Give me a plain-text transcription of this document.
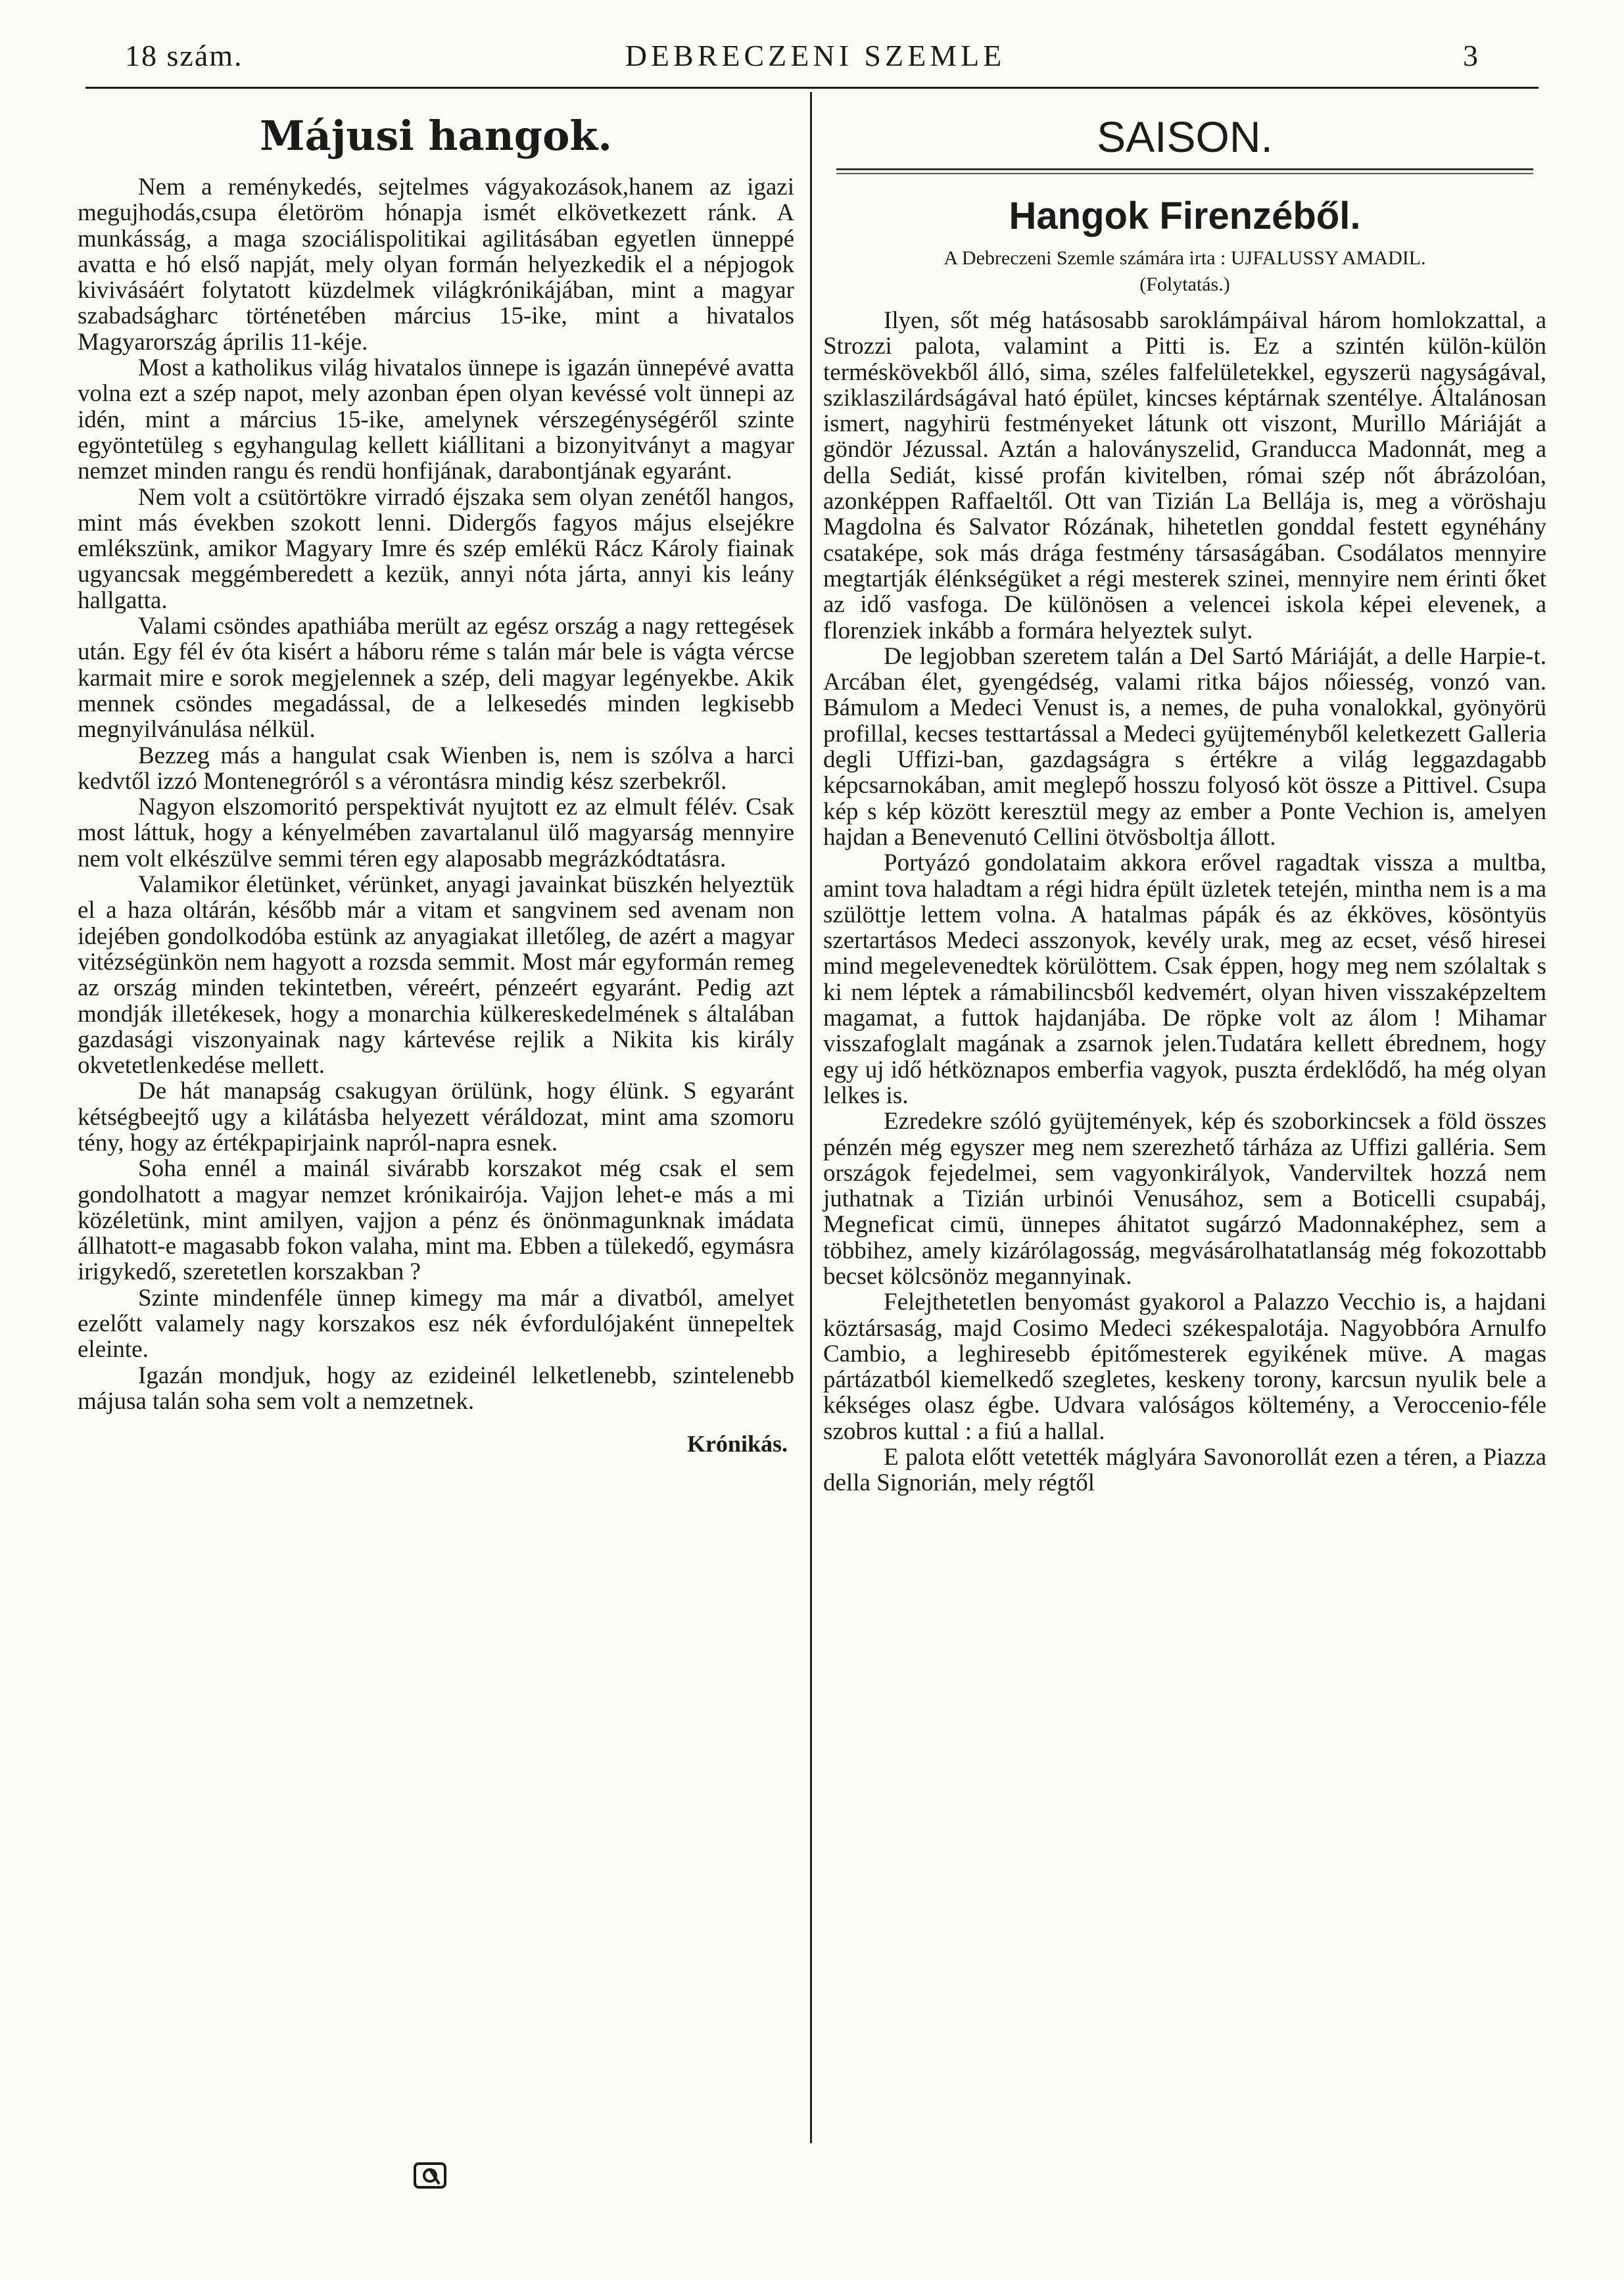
18 szám.	DEBRECZENI SZEMLE	3
Májusi hangok.

Nem a reménykedés, sejtelmes vágyakozások,hanem az igazi megujhodás,csupa életöröm hónapja ismét elkövetkezett ránk. A munkásság, a maga szociálispolitikai agilitásában egyetlen ünneppé avatta e hó első napját, mely olyan formán helyezkedik el a népjogok kivivásáért folytatott küzdelmek világkrónikájában, mint a magyar szabadságharc történetében március 15-ike, mint a hivatalos Magyarország április 11-kéje.

Most a katholikus világ hivatalos ünnepe is igazán ünnepévé avatta volna ezt a szép napot, mely azonban épen olyan kevéssé volt ünnepi az idén, mint a március 15-ike, amelynek vérszegénységéről szinte egyöntetüleg s egyhangulag kellett kiállitani a bizonyitványt a magyar nemzet minden rangu és rendü honfijának, darabontjának egyaránt.

Nem volt a csütörtökre virradó éjszaka sem olyan zenétől hangos, mint más években szokott lenni. Didergős fagyos május elsejékre emlékszünk, amikor Magyary Imre és szép emlékü Rácz Károly fiainak ugyancsak meggémberedett a kezük, annyi nóta járta, annyi kis leány hallgatta.

Valami csöndes apathiába merült az egész ország a nagy rettegések után. Egy fél év óta kisért a háboru réme s talán már bele is vágta vércse karmait mire e sorok megjelennek a szép, deli magyar legényekbe. Akik mennek csöndes megadással, de a lelkesedés minden legkisebb megnyilvánulása nélkül.

Bezzeg más a hangulat csak Wienben is, nem is szólva a harci kedvtől izzó Montenegróról s a vérontásra mindig kész szerbekről.

Nagyon elszomoritó perspektivát nyujtott ez az elmult félév. Csak most láttuk, hogy a kényelmében zavartalanul ülő magyarság mennyire nem volt elkészülve semmi téren egy alaposabb megrázkódtatásra.

Valamikor életünket, vérünket, anyagi javainkat büszkén helyeztük el a haza oltárán, később már a vitam et sangvinem sed avenam non idejében gondolkodóba estünk az anyagiakat illetőleg, de azért a magyar vitézségünkön nem hagyott a rozsda semmit. Most már egyformán remeg az ország minden tekintetben, véreért, pénzeért egyaránt. Pedig azt mondják illetékesek, hogy a monarchia külkereskedelmének s általában gazdasági viszonyainak nagy kártevése rejlik a Nikita kis király okvetetlenkedése mellett.

De hát manapság csakugyan örülünk, hogy élünk. S egyaránt kétségbeejtő ugy a kilátásba helyezett véráldozat, mint ama szomoru tény, hogy az értékpapirjaink napról-napra esnek.

Soha ennél a mainál sivárabb korszakot még csak el sem gondolhatott a magyar nemzet krónikairója. Vajjon lehet-e más a mi közéletünk, mint amilyen, vajjon a pénz és önönmagunknak imádata állhatott-e magasabb fokon valaha, mint ma. Ebben a tülekedő, egymásra irigykedő, szeretetlen korszakban ?

Szinte mindenféle ünnep kimegy ma már a divatból, amelyet ezelőtt valamely nagy korszakos esz nék évfordulójaként ünnepeltek eleinte.

Igazán mondjuk, hogy az ezideinél lelketlenebb, szintelenebb májusa talán soha sem volt a nemzetnek.

Krónikás.
SAISON.
Hangok Firenzéből.
A Debreczeni Szemle számára irta : UJFALUSSY AMADIL.
(Folytatás.)

Ilyen, sőt még hatásosabb saroklámpáival három homlokzattal, a Strozzi palota, valamint a Pitti is. Ez a szintén külön-külön terméskövekből álló, sima, széles falfelületekkel, egyszerü nagyságával, sziklaszilárdságával ható épület, kincses képtárnak szentélye. Általánosan ismert, nagyhirü festményeket látunk ott viszont, Murillo Máriáját a göndör Jézussal. Aztán a haloványszelid, Granducca Madonnát, meg a della Sediát, kissé profán kivitelben, római szép nőt ábrázolóan, azonképpen Raffaeltől. Ott van Tizián La Bellája is, meg a vöröshaju Magdolna és Salvator Rózának, hihetetlen gonddal festett egynéhány csataképe, sok más drága festmény társaságában. Csodálatos mennyire megtartják élénkségüket a régi mesterek szinei, mennyire nem érinti őket az idő vasfoga. De különösen a velencei iskola képei elevenek, a florenziek inkább a formára helyeztek sulyt.

De legjobban szeretem talán a Del Sartó Máriáját, a delle Harpie-t. Arcában élet, gyengédség, valami ritka bájos nőiesség, vonzó van. Bámulom a Medeci Venust is, a nemes, de puha vonalokkal, gyönyörü profillal, kecses testtartással a Medeci gyüjteményből keletkezett Galleria degli Uffizi-ban, gazdagságra s értékre a világ leggazdagabb képcsarnokában, amit meglepő hosszu folyosó köt össze a Pittivel. Csupa kép s kép között keresztül megy az ember a Ponte Vechion is, amelyen hajdan a Benevenutó Cellini ötvösboltja állott.

Portyázó gondolataim akkora erővel ragadtak vissza a multba, amint tova haladtam a régi hidra épült üzletek tetején, mintha nem is a ma szülöttje lettem volna. A hatalmas pápák és az ékköves, kösöntyüs szertartásos Medeci asszonyok, kevély urak, meg az ecset, véső hiresei mind megelevenedtek körülöttem. Csak éppen, hogy meg nem szólaltak s ki nem léptek a rámabilincsből kedvemért, olyan hiven visszaképzeltem magamat, a futtok hajdanjába. De röpke volt az álom ! Mihamar visszafoglalt magának a zsarnok jelen.Tudatára kellett ébrednem, hogy egy uj idő hétköznapos emberfia vagyok, puszta érdeklődő, ha még olyan lelkes is.

Ezredekre szóló gyüjtemények, kép és szoborkincsek a föld összes pénzén még egyszer meg nem szerezhető tárháza az Uffizi galléria. Sem országok fejedelmei, sem vagyonkirályok, Vanderviltek hozzá nem juthatnak a Tizián urbinói Venusához, sem a Boticelli csupabáj, Megneficat cimü, ünnepes áhitatot sugárzó Madonnaképhez, sem a többihez, amely kizárólagosság, megvásárolhatatlanság még fokozottabb becset kölcsönöz megannyinak.

Felejthetetlen benyomást gyakorol a Palazzo Vecchio is, a hajdani köztársaság, majd Cosimo Medeci székespalotája. Nagyobbóra Arnulfo Cambio, a leghiresebb épitőmesterek egyikének müve. A magas pártázatból kiemelkedő szegletes, keskeny torony, karcsun nyulik bele a kékséges olasz égbe. Udvara valóságos költemény, a Veroccenio-féle szobros kuttal : a fiú a hallal.

E palota előtt vetették máglyára Savonorollát ezen a téren, a Piazza della Signorián, mely régtől
